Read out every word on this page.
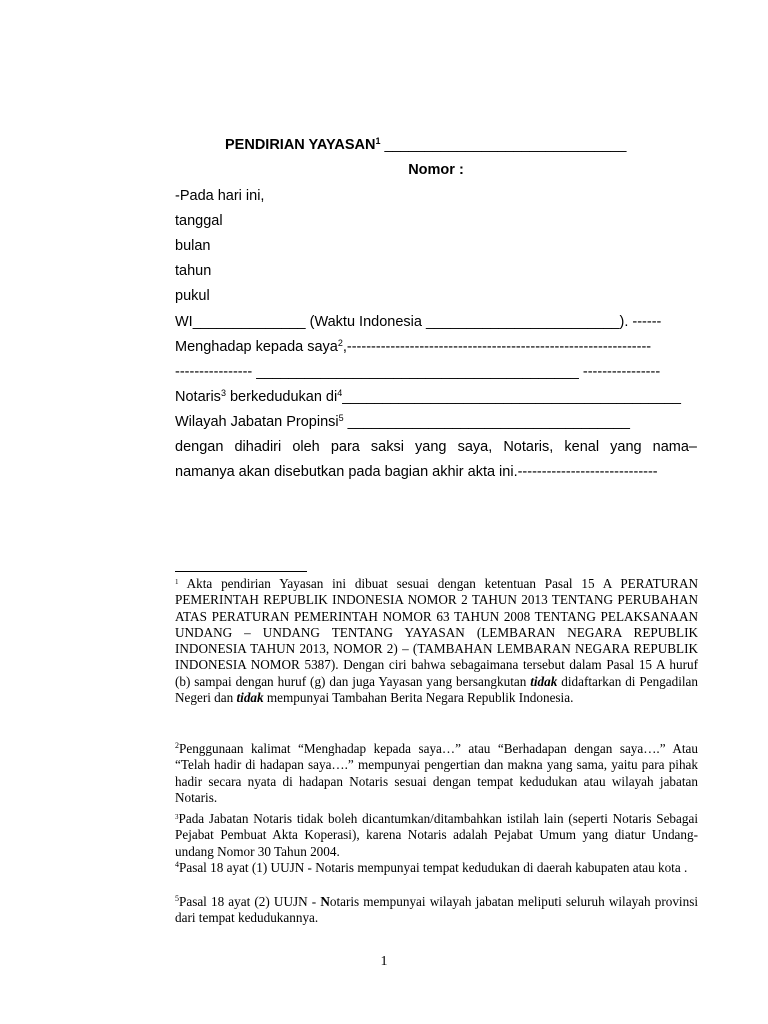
PENDIRIAN YAYASAN$^1$ ______________________________
Nomor :
-Pada hari ini,
tanggal
bulan
tahun
pukul
WI______________ (Waktu Indonesia ________________________). ------
Menghadap kepada saya$^2$,---------------------------------------------------------------
---------------- ________________________________________ ----------------
Notaris$^3$ berkedudukan $di^4\_\_\_\_\_\_\_\_\_\_\_\_\_\_\_\_\_\_\_\_\_\_\_\_\_\_\_\_\_\_\_\_\_\_\_\_\_\_\_\_\_\_$
Wilayah Jabatan Propinsi$^5$ ___________________________________
dengan dihadiri oleh para saksi yang saya, Notaris, kenal yang nama–
namanya akan disebutkan pada bagian akhir akta ini.-----------------------------
$^1$ Akta pendirian Yayasan ini dibuat sesuai dengan ketentuan Pasal 15 A PERATURAN PEMERINTAH REPUBLIK INDONESIA NOMOR 2 TAHUN 2013 TENTANG PERUBAHAN ATAS PERATURAN PEMERINTAH NOMOR 63 TAHUN 2008 TENTANG PELAKSANAAN UNDANG – UNDANG TENTANG YAYASAN (LEMBARAN NEGARA REPUBLIK INDONESIA TAHUN 2013, NOMOR 2) – (TAMBAHAN LEMBARAN NEGARA REPUBLIK INDONESIA NOMOR 5387). Dengan ciri bahwa sebagaimana tersebut dalam Pasal 15 A huruf (b) sampai dengan huruf (g) dan juga Yayasan yang bersangkutan tidak didaftarkan di Pengadilan Negeri dan tidak mempunyai Tambahan Berita Negara Republik Indonesia.
$^2$Penggunaan kalimat “Menghadap kepada saya…” atau “Berhadapan dengan saya….” Atau “Telah hadir di hadapan saya….” mempunyai pengertian dan makna yang sama, yaitu para pihak hadir secara nyata di hadapan Notaris sesuai dengan tempat kedudukan atau wilayah jabatan Notaris.
$^3$Pada Jabatan Notaris tidak boleh dicantumkan/ditambahkan istilah lain (seperti Notaris Sebagai Pejabat Pembuat Akta Koperasi), karena Notaris adalah Pejabat Umum yang diatur Undang-undang Nomor 30 Tahun 2004.
$^4$Pasal 18 ayat (1) UUJN - Notaris mempunyai tempat kedudukan di daerah kabupaten atau kota .
$^5$Pasal 18 ayat (2) UUJN - Notaris mempunyai wilayah jabatan meliputi seluruh wilayah provinsi dari tempat kedudukannya.
1
